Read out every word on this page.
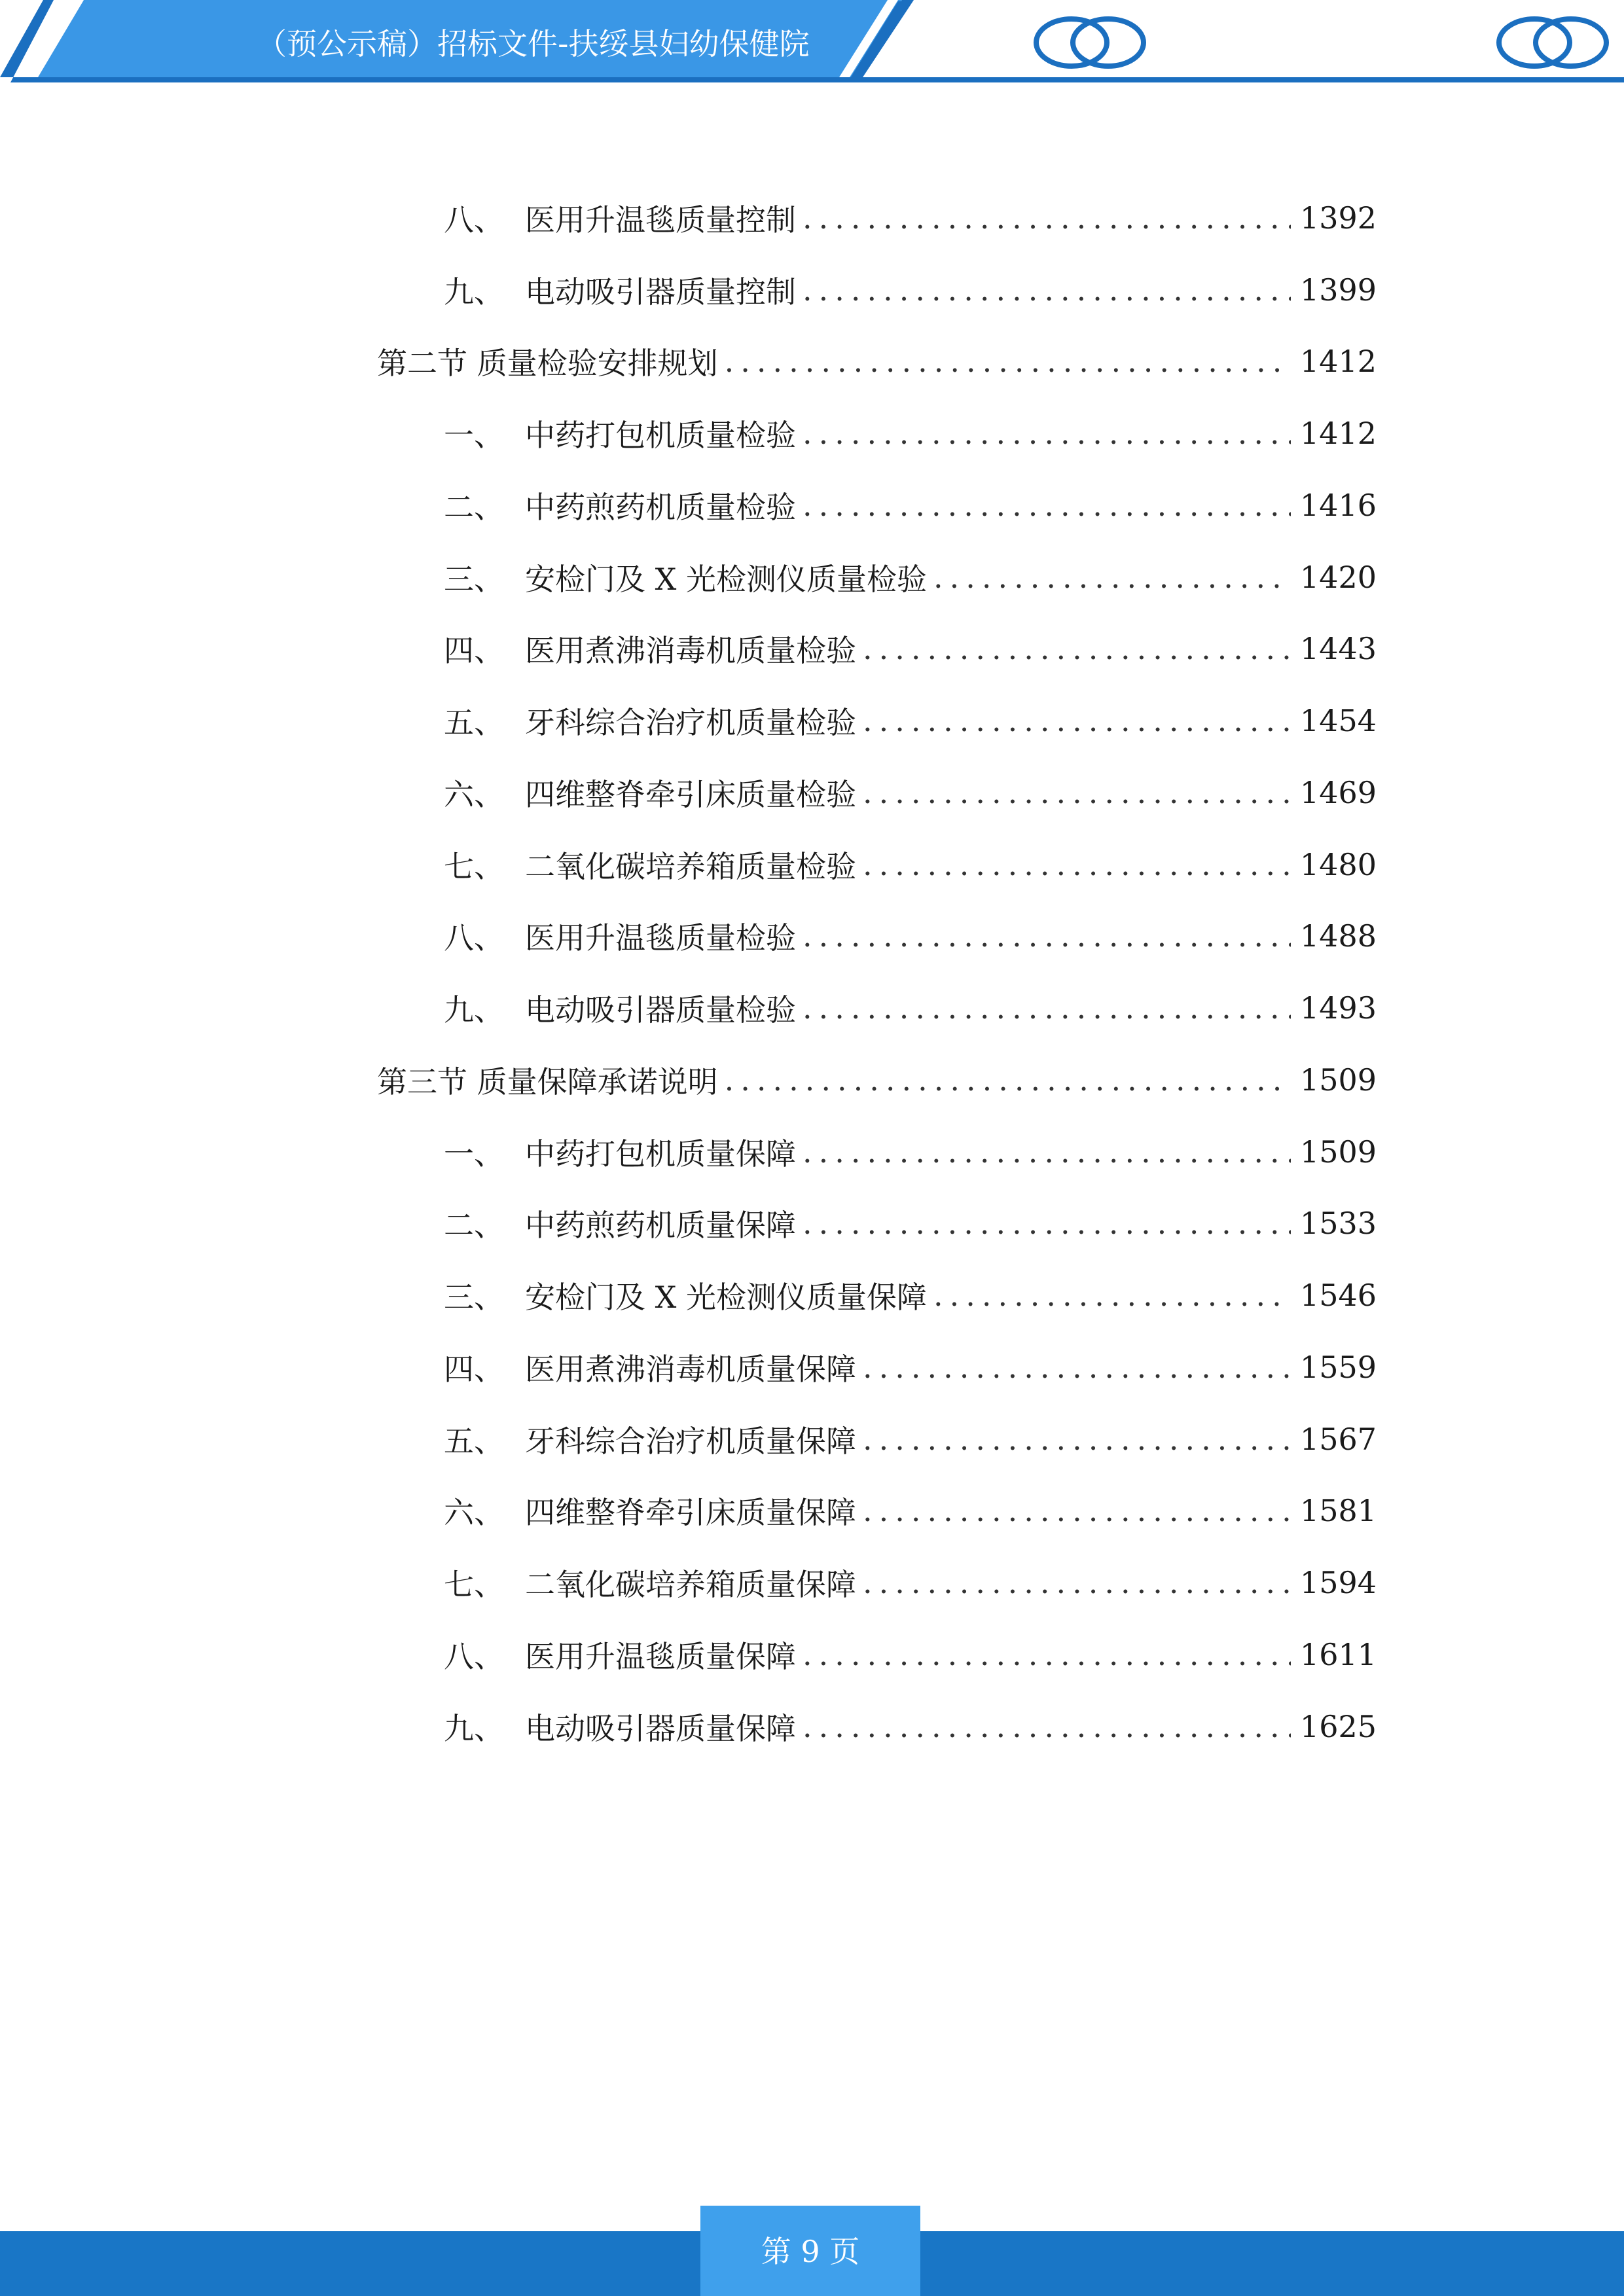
（预公示稿）招标文件-扶绥县妇幼保健院
八、 医用升温毯质量控制 .....	1392
九、 电动吸引器质量控制 .....	1399
第二节 质量检验安排规划 .....	1412
一、 中药打包机质量检验 .....	1412
二、 中药煎药机质量检验 .....	1416
三、 安检门及 X 光检测仪质量检验 .....	1420
四、 医用煮沸消毒机质量检验 .....	1443
五、 牙科综合治疗机质量检验 .....	1454
六、 四维整脊牵引床质量检验 .....	1469
七、 二氧化碳培养箱质量检验 .....	1480
八、 医用升温毯质量检验 .....	1488
九、 电动吸引器质量检验 .....	1493
第三节 质量保障承诺说明 .....	1509
一、 中药打包机质量保障 .....	1509
二、 中药煎药机质量保障 .....	1533
三、 安检门及 X 光检测仪质量保障 .....	1546
四、 医用煮沸消毒机质量保障 .....	1559
五、 牙科综合治疗机质量保障 .....	1567
六、 四维整脊牵引床质量保障 .....	1581
七、 二氧化碳培养箱质量保障 .....	1594
八、 医用升温毯质量保障 .....	1611
九、 电动吸引器质量保障 .....	1625
第 9 页
